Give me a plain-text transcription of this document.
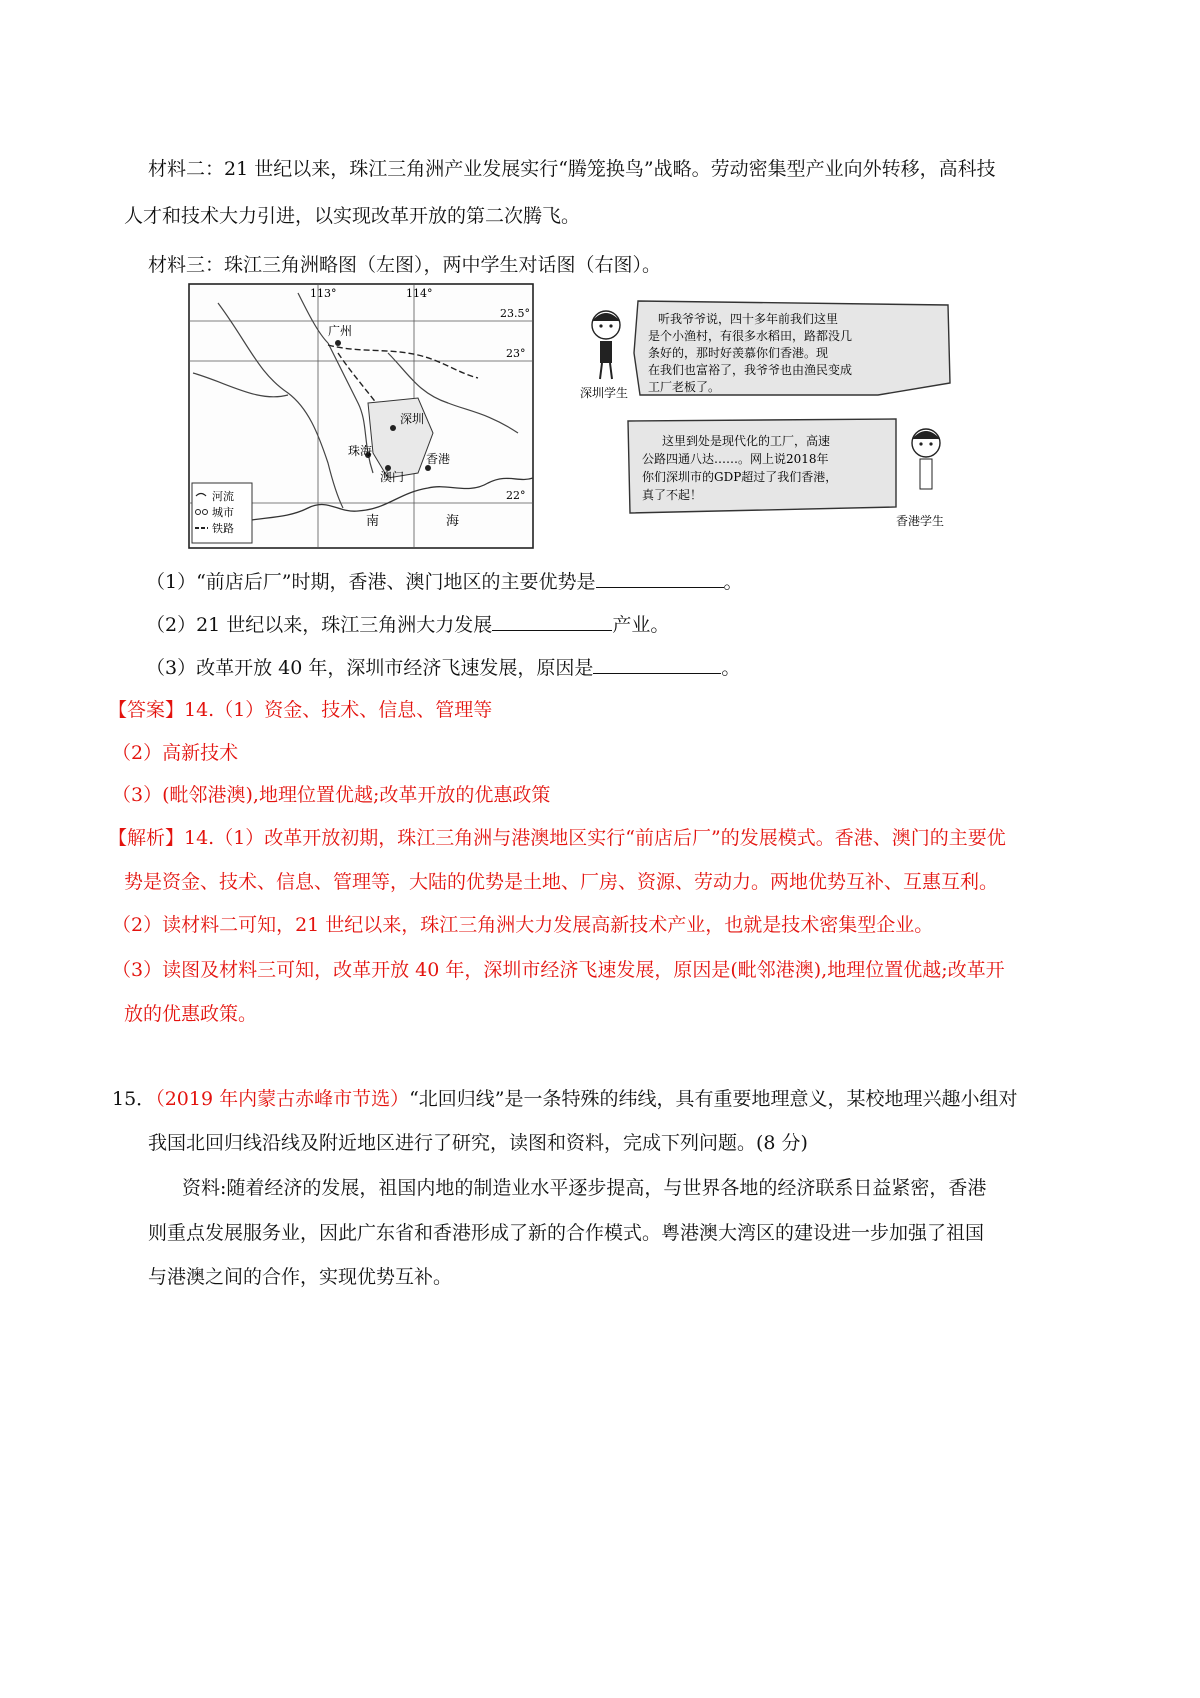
材料二：21 世纪以来，珠江三角洲产业发展实行“腾笼换鸟”战略。劳动密集型产业向外转移，高科技
人才和技术大力引进，以实现改革开放的第二次腾飞。
材料三：珠江三角洲略图（左图），两中学生对话图（右图）。
113°	114°
23.5°
23°
22°
广州
深圳
珠海
澳门
香港
南	海
河流
城市
铁路
深圳学生
听我爷爷说，四十多年前我们这里
是个小渔村，有很多水稻田，路都没几
条好的，那时好羡慕你们香港。现
在我们也富裕了，我爷爷也由渔民变成
工厂老板了。
香港学生
这里到处是现代化的工厂，高速
公路四通八达……。网上说2018年
你们深圳市的GDP超过了我们香港，
真了不起！
（1）“前店后厂”时期，香港、澳门地区的主要优势是	。
（2）21 世纪以来，珠江三角洲大力发展	产业。
（3）改革开放 40 年，深圳市经济飞速发展，原因是	。
【答案】14.（1）资金、技术、信息、管理等
（2）高新技术
（3）(毗邻港澳),地理位置优越;改革开放的优惠政策
【解析】14.（1）改革开放初期，珠江三角洲与港澳地区实行“前店后厂”的发展模式。香港、澳门的主要优
势是资金、技术、信息、管理等，大陆的优势是土地、厂房、资源、劳动力。两地优势互补、互惠互利。
（2）读材料二可知，21 世纪以来，珠江三角洲大力发展高新技术产业，也就是技术密集型企业。
（3）读图及材料三可知，改革开放 40 年，深圳市经济飞速发展，原因是(毗邻港澳),地理位置优越;改革开
放的优惠政策。
15．（2019 年内蒙古赤峰市节选）“北回归线”是一条特殊的纬线，具有重要地理意义，某校地理兴趣小组对
我国北回归线沿线及附近地区进行了研究，读图和资料，完成下列问题。(8 分)
资料:随着经济的发展，祖国内地的制造业水平逐步提高，与世界各地的经济联系日益紧密，香港
则重点发展服务业，因此广东省和香港形成了新的合作模式。粤港澳大湾区的建设进一步加强了祖国
与港澳之间的合作，实现优势互补。
